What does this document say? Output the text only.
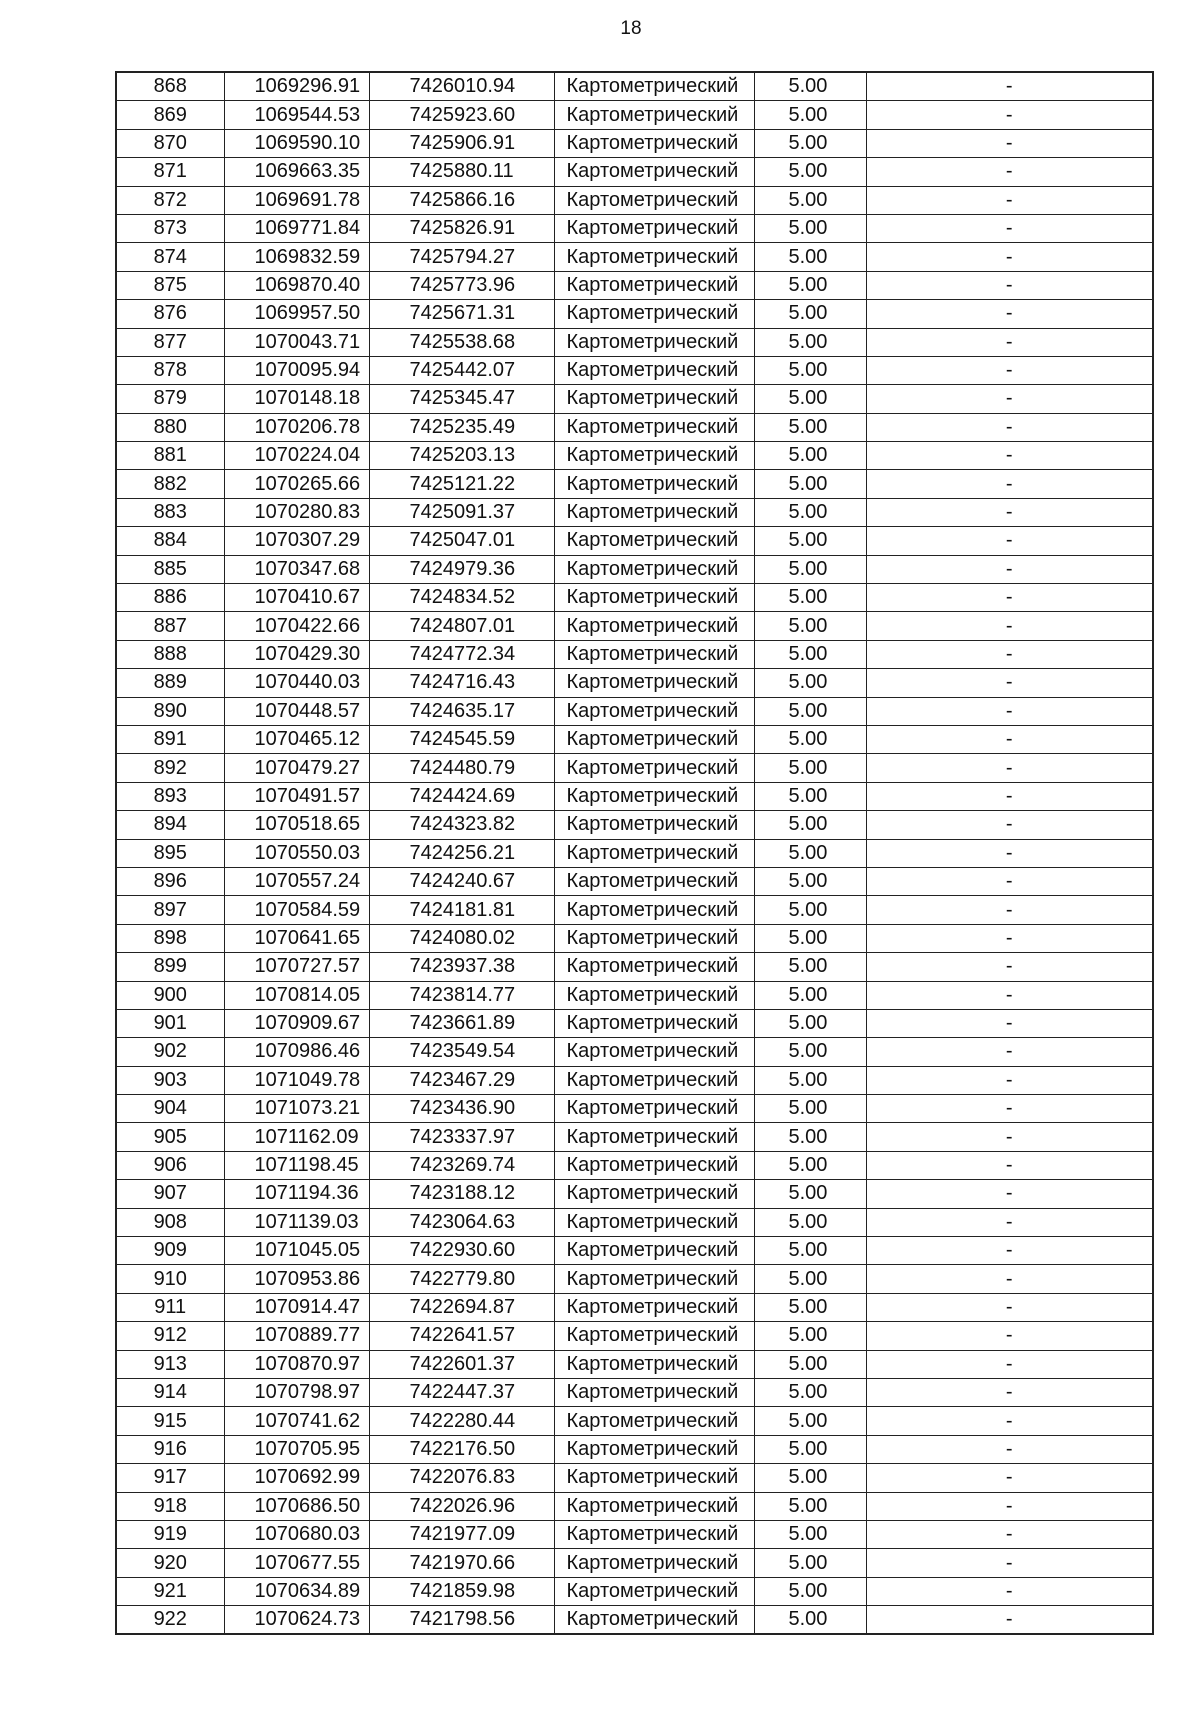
18
868	1069296.91	7426010.94	Картометрический	5.00	-
869	1069544.53	7425923.60	Картометрический	5.00	-
870	1069590.10	7425906.91	Картометрический	5.00	-
871	1069663.35	7425880.11	Картометрический	5.00	-
872	1069691.78	7425866.16	Картометрический	5.00	-
873	1069771.84	7425826.91	Картометрический	5.00	-
874	1069832.59	7425794.27	Картометрический	5.00	-
875	1069870.40	7425773.96	Картометрический	5.00	-
876	1069957.50	7425671.31	Картометрический	5.00	-
877	1070043.71	7425538.68	Картометрический	5.00	-
878	1070095.94	7425442.07	Картометрический	5.00	-
879	1070148.18	7425345.47	Картометрический	5.00	-
880	1070206.78	7425235.49	Картометрический	5.00	-
881	1070224.04	7425203.13	Картометрический	5.00	-
882	1070265.66	7425121.22	Картометрический	5.00	-
883	1070280.83	7425091.37	Картометрический	5.00	-
884	1070307.29	7425047.01	Картометрический	5.00	-
885	1070347.68	7424979.36	Картометрический	5.00	-
886	1070410.67	7424834.52	Картометрический	5.00	-
887	1070422.66	7424807.01	Картометрический	5.00	-
888	1070429.30	7424772.34	Картометрический	5.00	-
889	1070440.03	7424716.43	Картометрический	5.00	-
890	1070448.57	7424635.17	Картометрический	5.00	-
891	1070465.12	7424545.59	Картометрический	5.00	-
892	1070479.27	7424480.79	Картометрический	5.00	-
893	1070491.57	7424424.69	Картометрический	5.00	-
894	1070518.65	7424323.82	Картометрический	5.00	-
895	1070550.03	7424256.21	Картометрический	5.00	-
896	1070557.24	7424240.67	Картометрический	5.00	-
897	1070584.59	7424181.81	Картометрический	5.00	-
898	1070641.65	7424080.02	Картометрический	5.00	-
899	1070727.57	7423937.38	Картометрический	5.00	-
900	1070814.05	7423814.77	Картометрический	5.00	-
901	1070909.67	7423661.89	Картометрический	5.00	-
902	1070986.46	7423549.54	Картометрический	5.00	-
903	1071049.78	7423467.29	Картометрический	5.00	-
904	1071073.21	7423436.90	Картометрический	5.00	-
905	1071162.09	7423337.97	Картометрический	5.00	-
906	1071198.45	7423269.74	Картометрический	5.00	-
907	1071194.36	7423188.12	Картометрический	5.00	-
908	1071139.03	7423064.63	Картометрический	5.00	-
909	1071045.05	7422930.60	Картометрический	5.00	-
910	1070953.86	7422779.80	Картометрический	5.00	-
911	1070914.47	7422694.87	Картометрический	5.00	-
912	1070889.77	7422641.57	Картометрический	5.00	-
913	1070870.97	7422601.37	Картометрический	5.00	-
914	1070798.97	7422447.37	Картометрический	5.00	-
915	1070741.62	7422280.44	Картометрический	5.00	-
916	1070705.95	7422176.50	Картометрический	5.00	-
917	1070692.99	7422076.83	Картометрический	5.00	-
918	1070686.50	7422026.96	Картометрический	5.00	-
919	1070680.03	7421977.09	Картометрический	5.00	-
920	1070677.55	7421970.66	Картометрический	5.00	-
921	1070634.89	7421859.98	Картометрический	5.00	-
922	1070624.73	7421798.56	Картометрический	5.00	-
